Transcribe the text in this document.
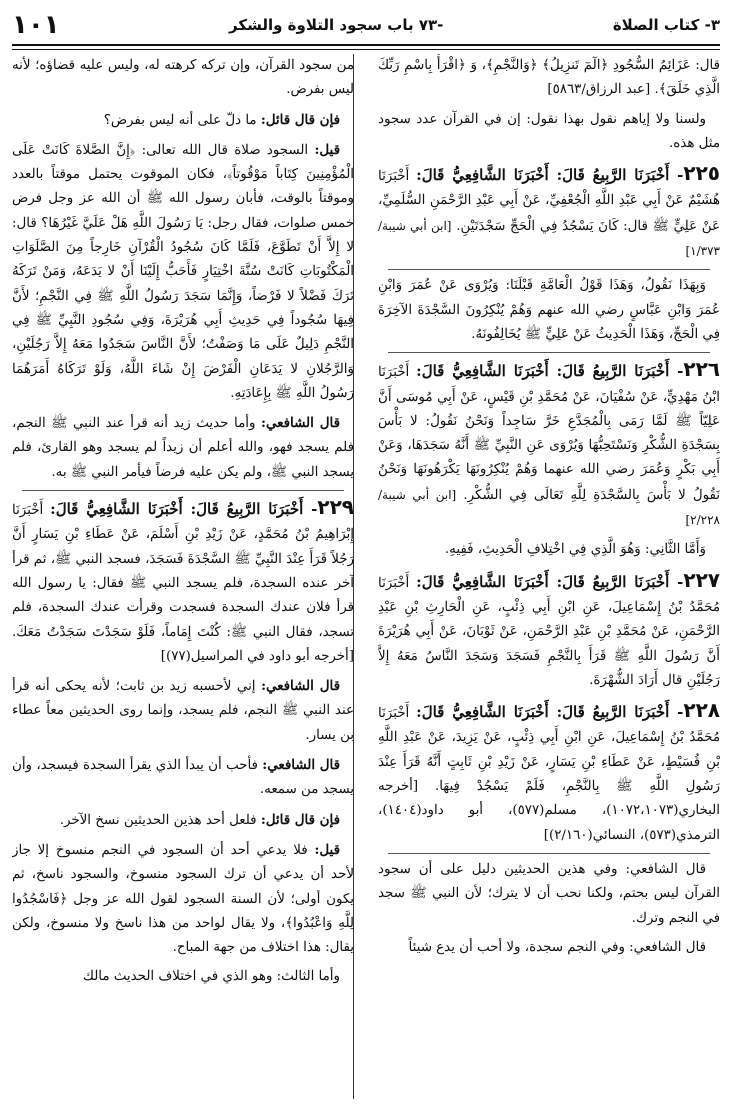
١٠١	-٧٣ باب سجود التلاوة والشكر	٣- كتاب الصلاة

قال: عَزَائِمُ السُّجُودِ ﴿الٓمٓ تَنزِيلُ﴾ ﴿وَالنَّجْمِ﴾، وَ ﴿اقْرَأْ بِاسْمِ رَبِّكَ الَّذِي خَلَقَ﴾. [عبد الرزاق/٥٨٦٣]

ولسنا ولا إياهم نقول بهذا نقول: إن في القرآن عدد سجود مثل هذه.

٢٢٥- أَخْبَرَنَا الرَّبِيعُ قَالَ: أَخْبَرَنَا الشَّافِعِيُّ قَالَ: أَخْبَرَنَا هُشَيْمٌ عَنْ أَبِي عَبْدِ اللَّهِ الْجُعْفِيِّ، عَنْ أَبِي عَبْدِ الرَّحْمَنِ السُّلَمِيِّ، عَنْ عَلِيٍّ ﷺ قال: كَانَ يَسْجُدُ فِي الْحَجِّ سَجْدَتَيْنِ. [ابن أبي شيبة/١/٣٧٣]

وَبِهَذَا نَقُولُ، وَهَذَا قَوْلُ الْعَامَّةِ قَبْلَنَا: وَيُرْوَى عَنْ عُمَرَ وَابْنِ عُمَرَ وَابْنِ عَبَّاسٍ رضي الله عنهم وَهُمْ يُنْكِرُونَ السَّجْدَةَ الآخِرَةَ فِي الْحَجِّ، وَهَذَا الْحَدِيثُ عَنْ عَلِيٍّ ﷺ يُخَالِفُونَهُ.

٢٢٦- أَخْبَرَنَا الرَّبِيعُ قَالَ: أَخْبَرَنَا الشَّافِعِيُّ قَالَ: أَخْبَرَنَا ابْنُ مَهْدِيٍّ، عَنْ سُفْيَانَ، عَنْ مُحَمَّدِ بْنِ قَيْسٍ، عَنْ أَبِي مُوسَى أَنَّ عَلِيّاً ﷺ لَمَّا رَمَى بِالْمُجَدَّعِ خَرَّ سَاجِداً وَنَحْنُ نَقُولُ: لا بَأْسَ بِسَجْدَةِ الشُّكْرِ وَنَسْتَحِبُّهَا وَيُرْوَى عَنِ النَّبِيِّ ﷺ أَنَّهُ سَجَدَهَا، وَعَنْ أَبِي بَكْرٍ وَعُمَرَ رضي الله عنهما وَهُمْ يُنْكِرُونَهَا يَكْرَهُونَهَا وَنَحْنُ نَقُولُ لا بَأْسَ بِالسَّجْدَةِ لِلَّهِ تَعَالَى فِي الشُّكْرِ. [ابن أبي شيبة/٢/٢٢٨]

وَأَمَّا الثَّانِي: وَهُوَ الَّذِي فِي اخْتِلافِ الْحَدِيثِ، فَفِيهِ.

٢٢٧- أَخْبَرَنَا الرَّبِيعُ قَالَ: أَخْبَرَنَا الشَّافِعِيُّ قَالَ: أَخْبَرَنَا مُحَمَّدُ بْنُ إِسْمَاعِيلَ، عَنِ ابْنِ أَبِي ذِئْبٍ، عَنِ الْحَارِثِ بْنِ عَبْدِ الرَّحْمَنِ، عَنْ مُحَمَّدِ بْنِ عَبْدِ الرَّحْمَنِ، عَنْ ثَوْبَانَ، عَنْ أَبِي هُرَيْرَةَ أَنَّ رَسُولَ اللَّهِ ﷺ قَرَأَ بِالنَّجْمِ فَسَجَدَ وَسَجَدَ النَّاسُ مَعَهُ إِلاَّ رَجُلَيْنِ قال أَرَادَ الشُّهْرَةَ.

٢٢٨- أَخْبَرَنَا الرَّبِيعُ قَالَ: أَخْبَرَنَا الشَّافِعِيُّ قَالَ: أَخْبَرَنَا مُحَمَّدُ بْنُ إِسْمَاعِيلَ، عَنِ ابْنِ أَبِي ذِئْبٍ، عَنْ يَزِيدَ، عَنْ عَبْدِ اللَّهِ بْنِ قُسَيْطٍ، عَنْ عَطَاءِ بْنِ يَسَارٍ، عَنْ زَيْدِ بْنِ ثَابِتٍ أَنَّهُ قَرَأَ عِنْدَ رَسُولِ اللَّهِ ﷺ بِالنَّجْمِ، فَلَمْ يَسْجُدْ فِيهَا. [أخرجه البخاري(١٠٧٢،١٠٧٣)، مسلم(٥٧٧)، أبو داود(١٤٠٤)، الترمذي(٥٧٣)، النسائي(٢/١٦٠)]

قال الشافعي: وفي هذين الحديثين دليل على أن سجود القرآن ليس بحتم، ولكنا نحب أن لا يترك؛ لأن النبي ﷺ سجد في النجم وترك.

قال الشافعي: وفي النجم سجدة، ولا أحب أن يدع شيئاً

من سجود القرآن، وإن تركه كرهته له، وليس عليه قضاؤه؛ لأنه ليس بفرض.

فإن قال قائل: ما دلّ على أنه ليس بفرض؟

قيل: السجود صلاة قال الله تعالى: ﴿إِنَّ الصَّلاةَ كَانَتْ عَلَى الْمُؤْمِنِينَ كِتَاباً مَوْقُوتاً﴾، فكان الموقوت يحتمل موقتاً بالعدد وموقتاً بالوقت، فأبان رسول الله ﷺ أن الله عز وجل فرض خمس صلوات، فقال رجل: يَا رَسُولَ اللَّهِ هَلْ عَلَيَّ غَيْرُهَا؟ قال: لا إِلاَّ أَنْ تَطَوَّعَ، فَلَمَّا كَانَ سُجُودُ الْقُرْآنِ خَارِجاً مِنَ الصَّلَوَاتِ الْمَكْتُوبَاتِ كَانَتْ سُنَّةَ اخْتِيَارٍ فَأَحَبُّ إِلَيْنَا أَنْ لا يَدَعَهُ، وَمَنْ تَرَكَهُ تَرَكَ فَضْلاً لا فَرْضاً، وَإِنَّمَا سَجَدَ رَسُولُ اللَّهِ ﷺ فِي النَّجْمِ؛ لأَنَّ فِيهَا سُجُوداً فِي حَدِيثِ أَبِي هُرَيْرَةَ، وَفِي سُجُودِ النَّبِيِّ ﷺ فِي النَّجْمِ دَلِيلٌ عَلَى مَا وَصَفْتُ؛ لأَنَّ النَّاسَ سَجَدُوا مَعَهُ إِلاَّ رَجُلَيْنِ، وَالرَّجُلانِ لا يَدَعَانِ الْفَرْضَ إِنْ شَاءَ اللَّهُ، وَلَوْ تَرَكَاهُ أَمَرَهُمَا رَسُولُ اللَّهِ ﷺ بِإِعَادَتِهِ.

قال الشافعي: وأما حديث زيد أنه قرأ عند النبي ﷺ النجم، فلم يسجد فهو، والله أعلم أن زيداً لم يسجد وهو القارئ، فلم يسجد النبي ﷺ، ولم يكن عليه فرضاً فيأمر النبي ﷺ به.

٢٢٩- أَخْبَرَنَا الرَّبِيعُ قَالَ: أَخْبَرَنَا الشَّافِعِيُّ قَالَ: أَخْبَرَنَا إِبْرَاهِيمُ بْنُ مُحَمَّدٍ، عَنْ زَيْدِ بْنِ أَسْلَمَ، عَنْ عَطَاءِ بْنِ يَسَارٍ أَنَّ رَجُلاً قَرَأَ عِنْدَ النَّبِيِّ ﷺ السَّجْدَةَ فَسَجَدَ، فسجد النبي ﷺ، ثم قرأ آخر عنده السجدة، فلم يسجد النبي ﷺ فقال: يا رسول الله قرأ فلان عندك السجدة فسجدت وقرأت عندك السجدة، فلم تسجد، فقال النبي ﷺ: كُنْتَ إِمَاماً، فَلَوْ سَجَدْتَ سَجَدْتُ مَعَكَ. [أخرجه أبو داود في المراسيل(٧٧)]

قال الشافعي: إني لأحسبه زيد بن ثابت؛ لأنه يحكى أنه قرأ عند النبي ﷺ النجم، فلم يسجد، وإنما روى الحديثين معاً عطاء بن يسار.

قال الشافعي: فأحب أن يبدأ الذي يقرأ السجدة فيسجد، وأن يسجد من سمعه.

فإن قال قائل: فلعل أحد هذين الحديثين نسخ الآخر.

قيل: فلا يدعي أحد أن السجود في النجم منسوخ إلا جاز لأحد أن يدعي أن ترك السجود منسوخ، والسجود ناسخ، ثم يكون أولى؛ لأن السنة السجود لقول الله عز وجل ﴿فَاسْجُدُوا لِلَّهِ وَاعْبُدُوا﴾، ولا يقال لواحد من هذا ناسخ ولا منسوخ، ولكن يقال: هذا اختلاف من جهة المباح.

وأما الثالث: وهو الذي في اختلاف الحديث مالك
